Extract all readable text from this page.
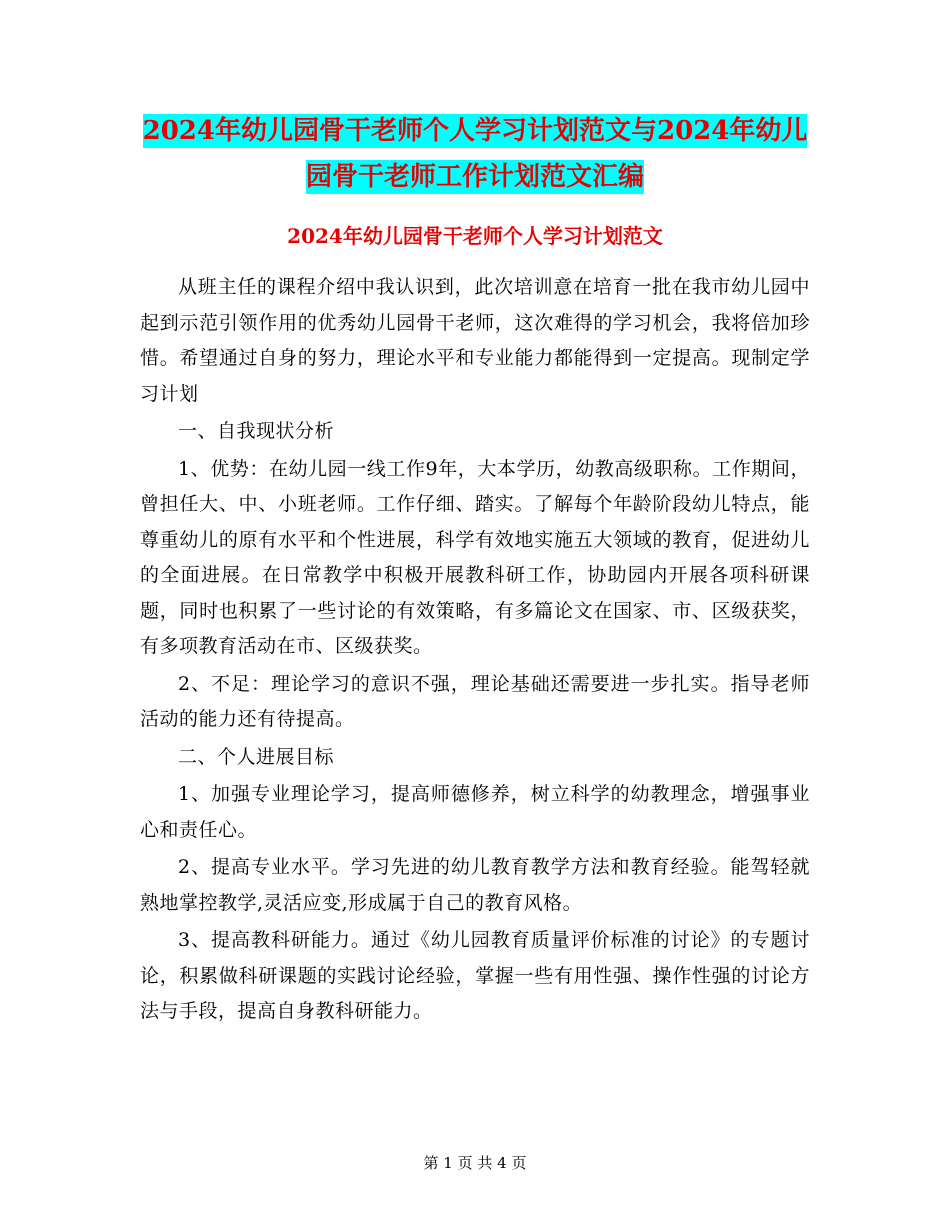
2024年幼儿园骨干老师个人学习计划范文与2024年幼儿园骨干老师工作计划范文汇编
2024年幼儿园骨干老师个人学习计划范文

从班主任的课程介绍中我认识到，此次培训意在培育一批在我市幼儿园中起到示范引领作用的优秀幼儿园骨干老师，这次难得的学习机会，我将倍加珍惜。希望通过自身的努力，理论水平和专业能力都能得到一定提高。现制定学习计划

一、自我现状分析

1、优势：在幼儿园一线工作9年，大本学历，幼教高级职称。工作期间，曾担任大、中、小班老师。工作仔细、踏实。了解每个年龄阶段幼儿特点，能尊重幼儿的原有水平和个性进展，科学有效地实施五大领域的教育，促进幼儿的全面进展。在日常教学中积极开展教科研工作，协助园内开展各项科研课题，同时也积累了一些讨论的有效策略，有多篇论文在国家、市、区级获奖，有多项教育活动在市、区级获奖。

2、不足：理论学习的意识不强，理论基础还需要进一步扎实。指导老师活动的能力还有待提高。

二、个人进展目标

1、加强专业理论学习，提高师德修养，树立科学的幼教理念，增强事业心和责任心。

2、提高专业水平。学习先进的幼儿教育教学方法和教育经验。能驾轻就熟地掌控教学,灵活应变,形成属于自己的教育风格。

3、提高教科研能力。通过《幼儿园教育质量评价标准的讨论》的专题讨论，积累做科研课题的实践讨论经验，掌握一些有用性强、操作性强的讨论方法与手段，提高自身教科研能力。

第 1 页 共 4 页
